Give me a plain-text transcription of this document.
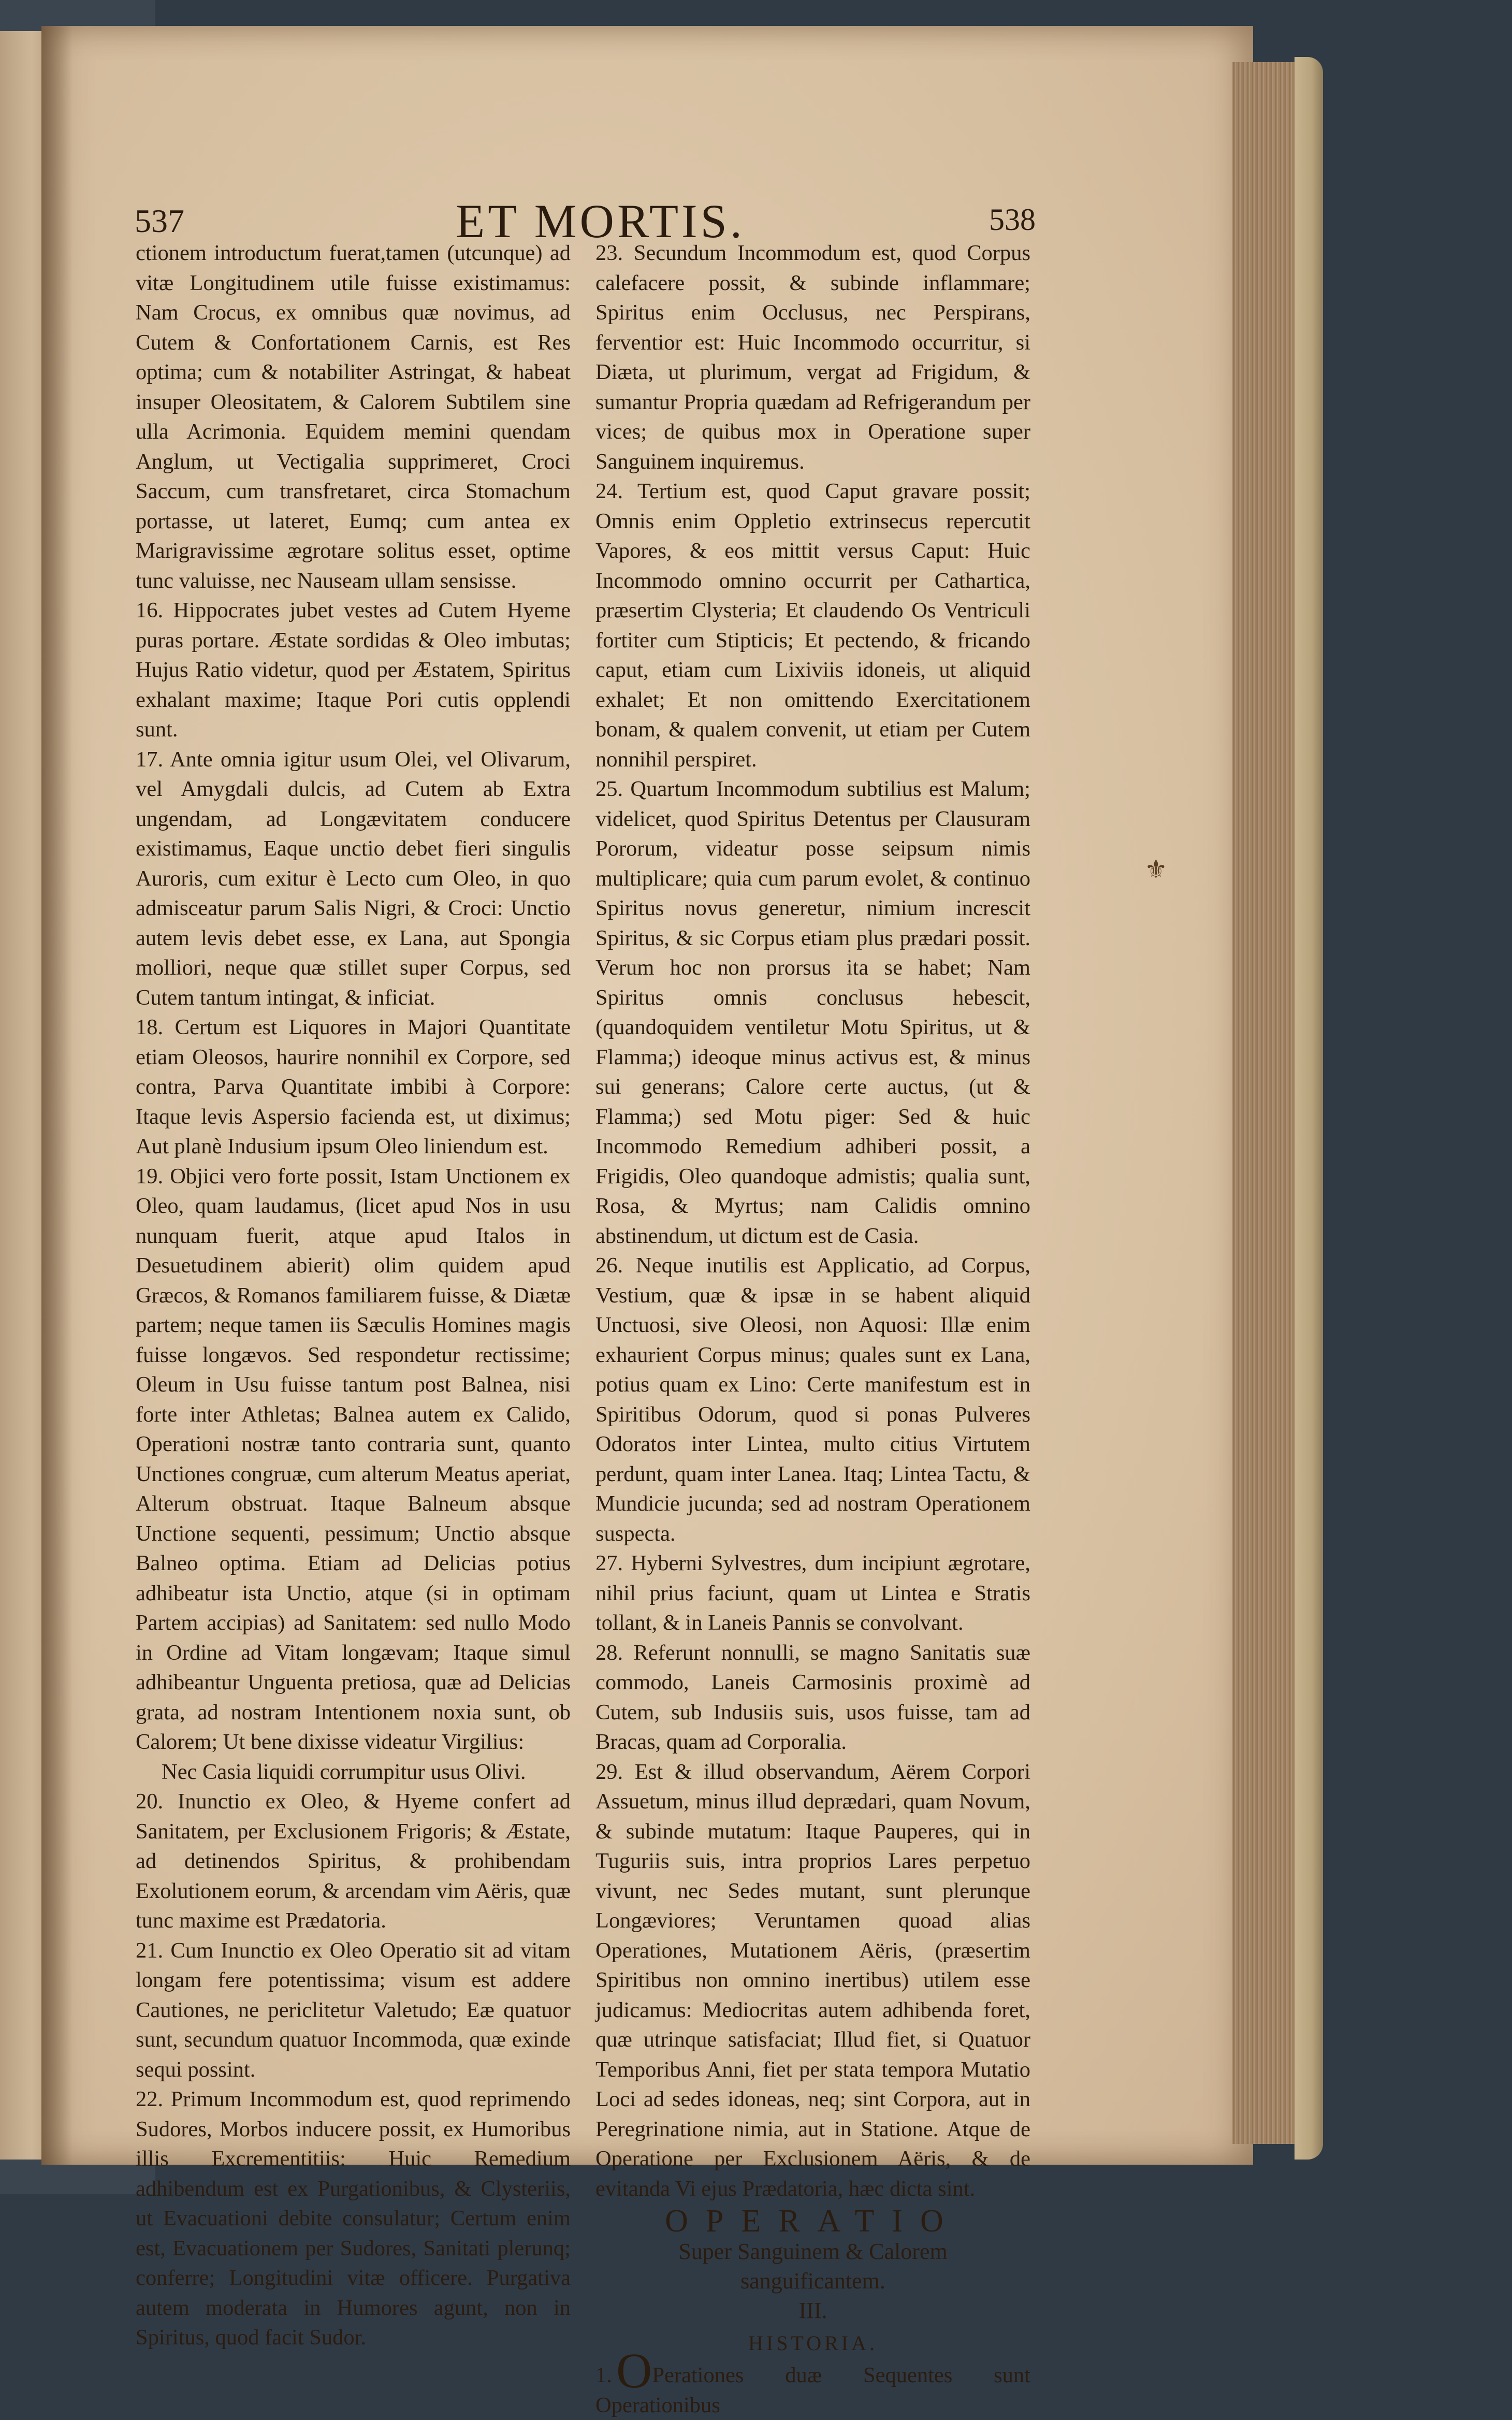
537	ET MORTIS.	538

ctionem introductum fuerat,tamen (utcunque) ad vitæ Longitudinem utile fuisse existimamus: Nam Crocus, ex omnibus quæ novimus, ad Cutem & Confortationem Carnis, est Res optima; cum & notabiliter Astringat, & habeat insuper Oleositatem, & Calorem Subtilem sine ulla Acrimonia. Equidem memini quendam Anglum, ut Vectigalia supprimeret, Croci Saccum, cum transfretaret, circa Stomachum portasse, ut lateret, Eumq; cum antea ex Marigravissime ægrotare solitus esset, optime tunc valuisse, nec Nauseam ullam sensisse.

16. Hippocrates jubet vestes ad Cutem Hyeme puras portare. Æstate sordidas & Oleo imbutas; Hujus Ratio videtur, quod per Æstatem, Spiritus exhalant maxime; Itaque Pori cutis opplendi sunt.

17. Ante omnia igitur usum Olei, vel Olivarum, vel Amygdali dulcis, ad Cutem ab Extra ungendam, ad Longævitatem conducere existimamus, Eaque unctio debet fieri singulis Auroris, cum exitur è Lecto cum Oleo, in quo admisceatur parum Salis Nigri, & Croci: Unctio autem levis debet esse, ex Lana, aut Spongia molliori, neque quæ stillet super Corpus, sed Cutem tantum intingat, & inficiat.

18. Certum est Liquores in Majori Quantitate etiam Oleosos, haurire nonnihil ex Corpore, sed contra, Parva Quantitate imbibi à Corpore: Itaque levis Aspersio facienda est, ut diximus; Aut planè Indusium ipsum Oleo liniendum est.

19. Objici vero forte possit, Istam Unctionem ex Oleo, quam laudamus, (licet apud Nos in usu nunquam fuerit, atque apud Italos in Desuetudinem abierit) olim quidem apud Græcos, & Romanos familiarem fuisse, & Diætæ partem; neque tamen iis Sæculis Homines magis fuisse longævos. Sed respondetur rectissime; Oleum in Usu fuisse tantum post Balnea, nisi forte inter Athletas; Balnea autem ex Calido, Operationi nostræ tanto contraria sunt, quanto Unctiones congruæ, cum alterum Meatus aperiat, Alterum obstruat. Itaque Balneum absque Unctione sequenti, pessimum; Unctio absque Balneo optima. Etiam ad Delicias potius adhibeatur ista Unctio, atque (si in optimam Partem accipias) ad Sanitatem: sed nullo Modo in Ordine ad Vitam longævam; Itaque simul adhibeantur Unguenta pretiosa, quæ ad Delicias grata, ad nostram Intentionem noxia sunt, ob Calorem; Ut bene dixisse videatur Virgilius:

Nec Casia liquidi corrumpitur usus Olivi.

20. Inunctio ex Oleo, & Hyeme confert ad Sanitatem, per Exclusionem Frigoris; & Æstate, ad detinendos Spiritus, & prohibendam Exolutionem eorum, & arcendam vim Aëris, quæ tunc maxime est Prædatoria.

21. Cum Inunctio ex Oleo Operatio sit ad vitam longam fere potentissima; visum est addere Cautiones, ne periclitetur Valetudo; Eæ quatuor sunt, secundum quatuor Incommoda, quæ exinde sequi possint.

22. Primum Incommodum est, quod reprimendo Sudores, Morbos inducere possit, ex Humoribus illis Excrementitiis: Huic Remedium adhibendum est ex Purgationibus, & Clysteriis, ut Evacuationi debite consulatur; Certum enim est, Evacuationem per Sudores, Sanitati plerunq; conferre; Longitudini vitæ officere. Purgativa autem moderata in Humores agunt, non in Spiritus, quod facit Sudor.

23. Secundum Incommodum est, quod Corpus calefacere possit, & subinde inflammare; Spiritus enim Occlusus, nec Perspirans, ferventior est: Huic Incommodo occurritur, si Diæta, ut plurimum, vergat ad Frigidum, & sumantur Propria quædam ad Refrigerandum per vices; de quibus mox in Operatione super Sanguinem inquiremus.

24. Tertium est, quod Caput gravare possit; Omnis enim Oppletio extrinsecus repercutit Vapores, & eos mittit versus Caput: Huic Incommodo omnino occurrit per Cathartica, præsertim Clysteria; Et claudendo Os Ventriculi fortiter cum Stipticis; Et pectendo, & fricando caput, etiam cum Lixiviis idoneis, ut aliquid exhalet; Et non omittendo Exercitationem bonam, & qualem convenit, ut etiam per Cutem nonnihil perspiret.

25. Quartum Incommodum subtilius est Malum; videlicet, quod Spiritus Detentus per Clausuram Pororum, videatur posse seipsum nimis multiplicare; quia cum parum evolet, & continuo Spiritus novus generetur, nimium increscit Spiritus, & sic Corpus etiam plus prædari possit. Verum hoc non prorsus ita se habet; Nam Spiritus omnis conclusus hebescit, (quandoquidem ventiletur Motu Spiritus, ut & Flamma;) ideoque minus activus est, & minus sui generans; Calore certe auctus, (ut & Flamma;) sed Motu piger: Sed & huic Incommodo Remedium adhiberi possit, a Frigidis, Oleo quandoque admistis; qualia sunt, Rosa, & Myrtus; nam Calidis omnino abstinendum, ut dictum est de Casia.

26. Neque inutilis est Applicatio, ad Corpus, Vestium, quæ & ipsæ in se habent aliquid Unctuosi, sive Oleosi, non Aquosi: Illæ enim exhaurient Corpus minus; quales sunt ex Lana, potius quam ex Lino: Certe manifestum est in Spiritibus Odorum, quod si ponas Pulveres Odoratos inter Lintea, multo citius Virtutem perdunt, quam inter Lanea. Itaq; Lintea Tactu, & Mundicie jucunda; sed ad nostram Operationem suspecta.

27. Hyberni Sylvestres, dum incipiunt ægrotare, nihil prius faciunt, quam ut Lintea e Stratis tollant, & in Laneis Pannis se convolvant.

28. Referunt nonnulli, se magno Sanitatis suæ commodo, Laneis Carmosinis proximè ad Cutem, sub Indusiis suis, usos fuisse, tam ad Bracas, quam ad Corporalia.

29. Est & illud observandum, Aërem Corpori Assuetum, minus illud deprædari, quam Novum, & subinde mutatum: Itaque Pauperes, qui in Tuguriis suis, intra proprios Lares perpetuo vivunt, nec Sedes mutant, sunt plerunque Longæviores; Veruntamen quoad alias Operationes, Mutationem Aëris, (præsertim Spiritibus non omnino inertibus) utilem esse judicamus: Mediocritas autem adhibenda foret, quæ utrinque satisfaciat; Illud fiet, si Quatuor Temporibus Anni, fiet per stata tempora Mutatio Loci ad sedes idoneas, neq; sint Corpora, aut in Peregrinatione nimia, aut in Statione. Atque de Operatione per Exclusionem Aëris, & de evitanda Vi ejus Prædatoria, hæc dicta sint.

OPERATIO
Super Sanguinem & Calorem
sanguificantem.
III.
HISTORIA.

1.OPerationes duæ Sequentes sunt Operationibus

⚜
